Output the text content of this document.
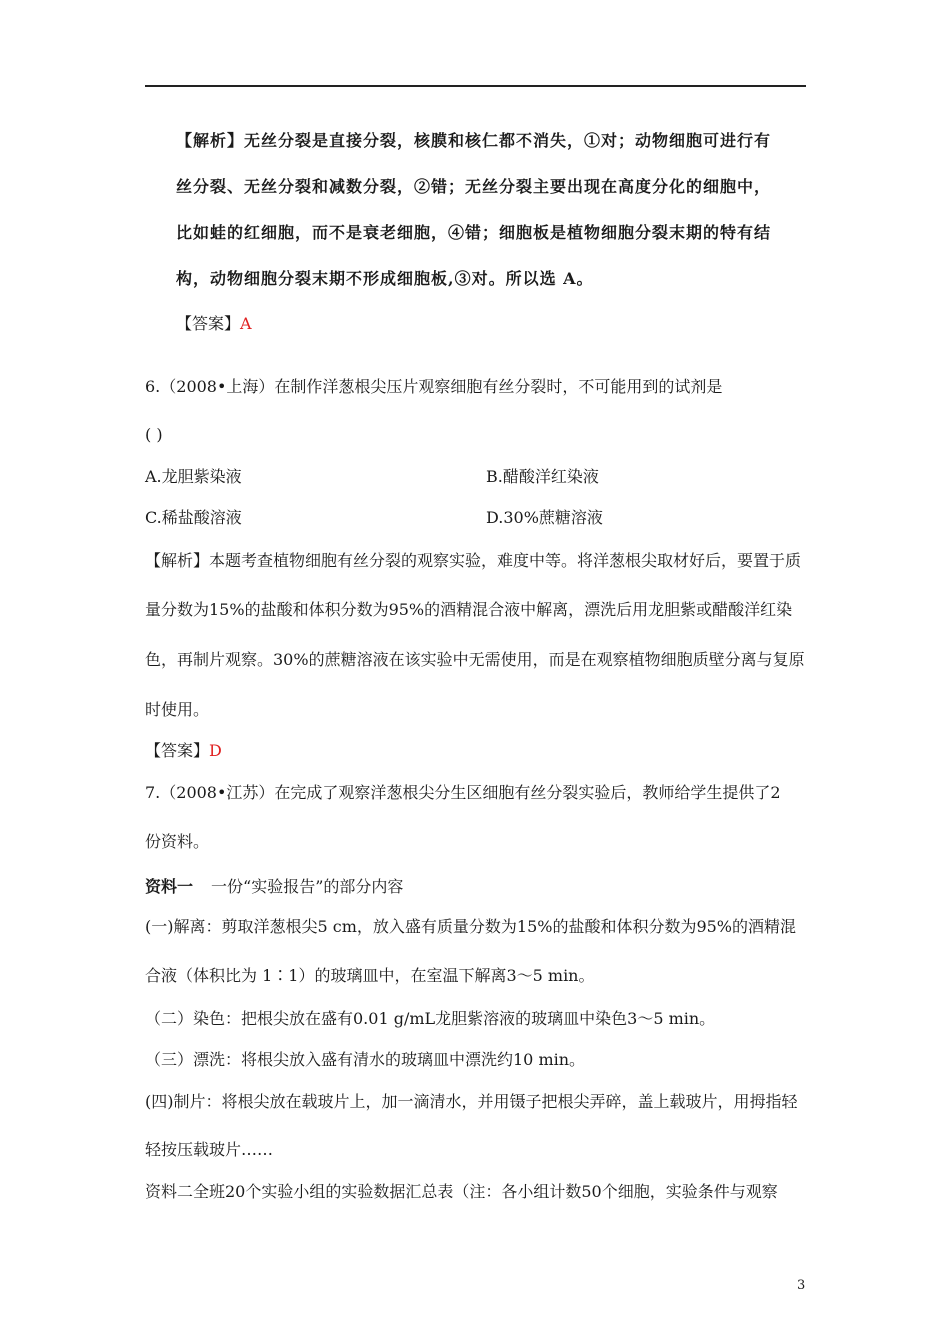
【解析】无丝分裂是直接分裂，核膜和核仁都不消失，①对；动物细胞可进行有
丝分裂、无丝分裂和减数分裂，②错；无丝分裂主要出现在高度分化的细胞中，
比如蛙的红细胞，而不是衰老细胞，④错；细胞板是植物细胞分裂末期的特有结
构，动物细胞分裂末期不形成细胞板,③对。所以选 A。
【答案】A
6.（2008•上海）在制作洋葱根尖压片观察细胞有丝分裂时，不可能用到的试剂是
( )
A.龙胆紫染液	B.醋酸洋红染液
C.稀盐酸溶液	D.30%蔗糖溶液
【解析】本题考查植物细胞有丝分裂的观察实验，难度中等。将洋葱根尖取材好后，要置于质
量分数为15%的盐酸和体积分数为95%的酒精混合液中解离，漂洗后用龙胆紫或醋酸洋红染
色，再制片观察。30%的蔗糖溶液在该实验中无需使用，而是在观察植物细胞质壁分离与复原
时使用。
【答案】D
7.（2008•江苏）在完成了观察洋葱根尖分生区细胞有丝分裂实验后，教师给学生提供了2
份资料。
资料一 一份“实验报告”的部分内容
(一)解离：剪取洋葱根尖5 cm，放入盛有质量分数为15%的盐酸和体积分数为95%的酒精混
合液（体积比为 1∶1）的玻璃皿中，在室温下解离3～5 min。
（二）染色：把根尖放在盛有0.01 g/mL龙胆紫溶液的玻璃皿中染色3～5 min。
（三）漂洗：将根尖放入盛有清水的玻璃皿中漂洗约10 min。
(四)制片：将根尖放在载玻片上，加一滴清水，并用镊子把根尖弄碎，盖上载玻片，用拇指轻
轻按压载玻片……
资料二全班20个实验小组的实验数据汇总表（注：各小组计数50个细胞，实验条件与观察
3
